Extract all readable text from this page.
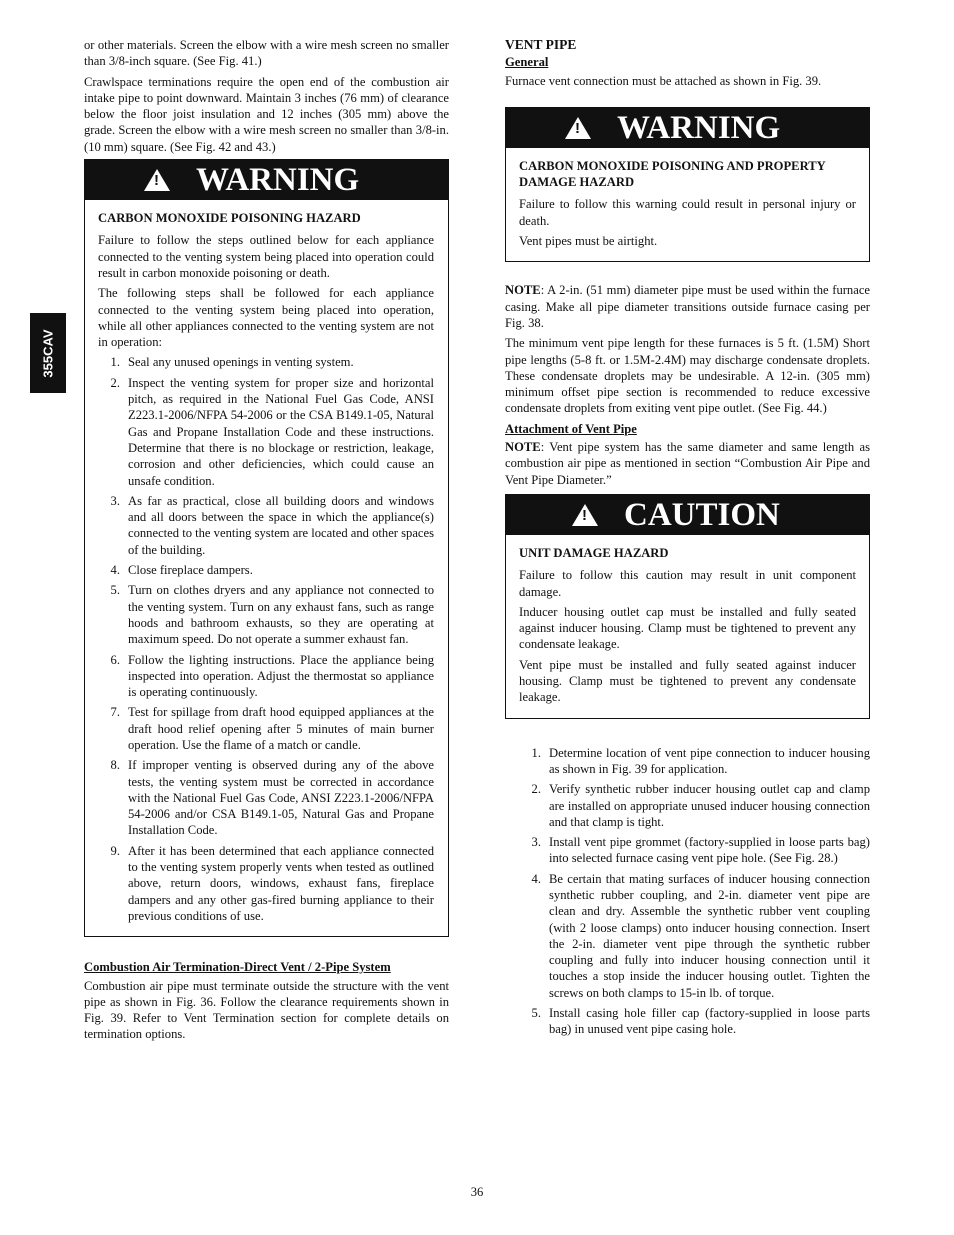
355CAV

or other materials. Screen the elbow with a wire mesh screen no smaller than 3/8-inch square. (See Fig. 41.)

Crawlspace terminations require the open end of the combustion air intake pipe to point downward. Maintain 3 inches (76 mm) of clearance below the floor joist insulation and 12 inches (305 mm) above the grade. Screen the elbow with a wire mesh screen no smaller than 3/8-in. (10 mm) square. (See Fig. 42 and 43.)

!
WARNING
CARBON MONOXIDE POISONING HAZARD

Failure to follow the steps outlined below for each appliance connected to the venting system being placed into operation could result in carbon monoxide poisoning or death.

The following steps shall be followed for each appliance connected to the venting system being placed into operation, while all other appliances connected to the venting system are not in operation:

1. Seal any unused openings in venting system.
2. Inspect the venting system for proper size and horizontal pitch, as required in the National Fuel Gas Code, ANSI Z223.1-2006/NFPA 54-2006 or the CSA B149.1-05, Natural Gas and Propane Installation Code and these instructions. Determine that there is no blockage or restriction, leakage, corrosion and other deficiencies, which could cause an unsafe condition.
3. As far as practical, close all building doors and windows and all doors between the space in which the appliance(s) connected to the venting system are located and other spaces of the building.
4. Close fireplace dampers.
5. Turn on clothes dryers and any appliance not connected to the venting system. Turn on any exhaust fans, such as range hoods and bathroom exhausts, so they are operating at maximum speed. Do not operate a summer exhaust fan.
6. Follow the lighting instructions. Place the appliance being inspected into operation. Adjust the thermostat so appliance is operating continuously.
7. Test for spillage from draft hood equipped appliances at the draft hood relief opening after 5 minutes of main burner operation. Use the flame of a match or candle.
8. If improper venting is observed during any of the above tests, the venting system must be corrected in accordance with the National Fuel Gas Code, ANSI Z223.1-2006/NFPA 54-2006 and/or CSA B149.1-05, Natural Gas and Propane Installation Code.
9. After it has been determined that each appliance connected to the venting system properly vents when tested as outlined above, return doors, windows, exhaust fans, fireplace dampers and any other gas-fired burning appliance to their previous conditions of use.

Combustion Air Termination-Direct Vent / 2-Pipe System

Combustion air pipe must terminate outside the structure with the vent pipe as shown in Fig. 36. Follow the clearance requirements shown in Fig. 39. Refer to Vent Termination section for complete details on termination options.

VENT PIPE

General

Furnace vent connection must be attached as shown in Fig. 39.

!
WARNING
CARBON MONOXIDE POISONING AND PROPERTY DAMAGE HAZARD

Failure to follow this warning could result in personal injury or death.

Vent pipes must be airtight.

NOTE: A 2-in. (51 mm) diameter pipe must be used within the furnace casing. Make all pipe diameter transitions outside furnace casing per Fig. 38.

The minimum vent pipe length for these furnaces is 5 ft. (1.5M) Short pipe lengths (5-8 ft. or 1.5M-2.4M) may discharge condensate droplets. These condensate droplets may be undesirable. A 12-in. (305 mm) minimum offset pipe section is recommended to reduce excessive condensate droplets from exiting vent pipe outlet. (See Fig. 44.)

Attachment of Vent Pipe

NOTE: Vent pipe system has the same diameter and same length as combustion air pipe as mentioned in section “Combustion Air Pipe and Vent Pipe Diameter.”

!
CAUTION
UNIT DAMAGE HAZARD

Failure to follow this caution may result in unit component damage.

Inducer housing outlet cap must be installed and fully seated against inducer housing. Clamp must be tightened to prevent any condensate leakage.

Vent pipe must be installed and fully seated against inducer housing. Clamp must be tightened to prevent any condensate leakage.

1. Determine location of vent pipe connection to inducer housing as shown in Fig. 39 for application.
2. Verify synthetic rubber inducer housing outlet cap and clamp are installed on appropriate unused inducer housing connection and that clamp is tight.
3. Install vent pipe grommet (factory-supplied in loose parts bag) into selected furnace casing vent pipe hole. (See Fig. 28.)
4. Be certain that mating surfaces of inducer housing connection synthetic rubber coupling, and 2-in. diameter vent pipe are clean and dry. Assemble the synthetic rubber vent coupling (with 2 loose clamps) onto inducer housing connection. Insert the 2-in. diameter vent pipe through the synthetic rubber coupling and fully into inducer housing connection until it touches a stop inside the inducer housing outlet. Tighten the screws on both clamps to 15-in lb. of torque.
5. Install casing hole filler cap (factory-supplied in loose parts bag) in unused vent pipe casing hole.
36
